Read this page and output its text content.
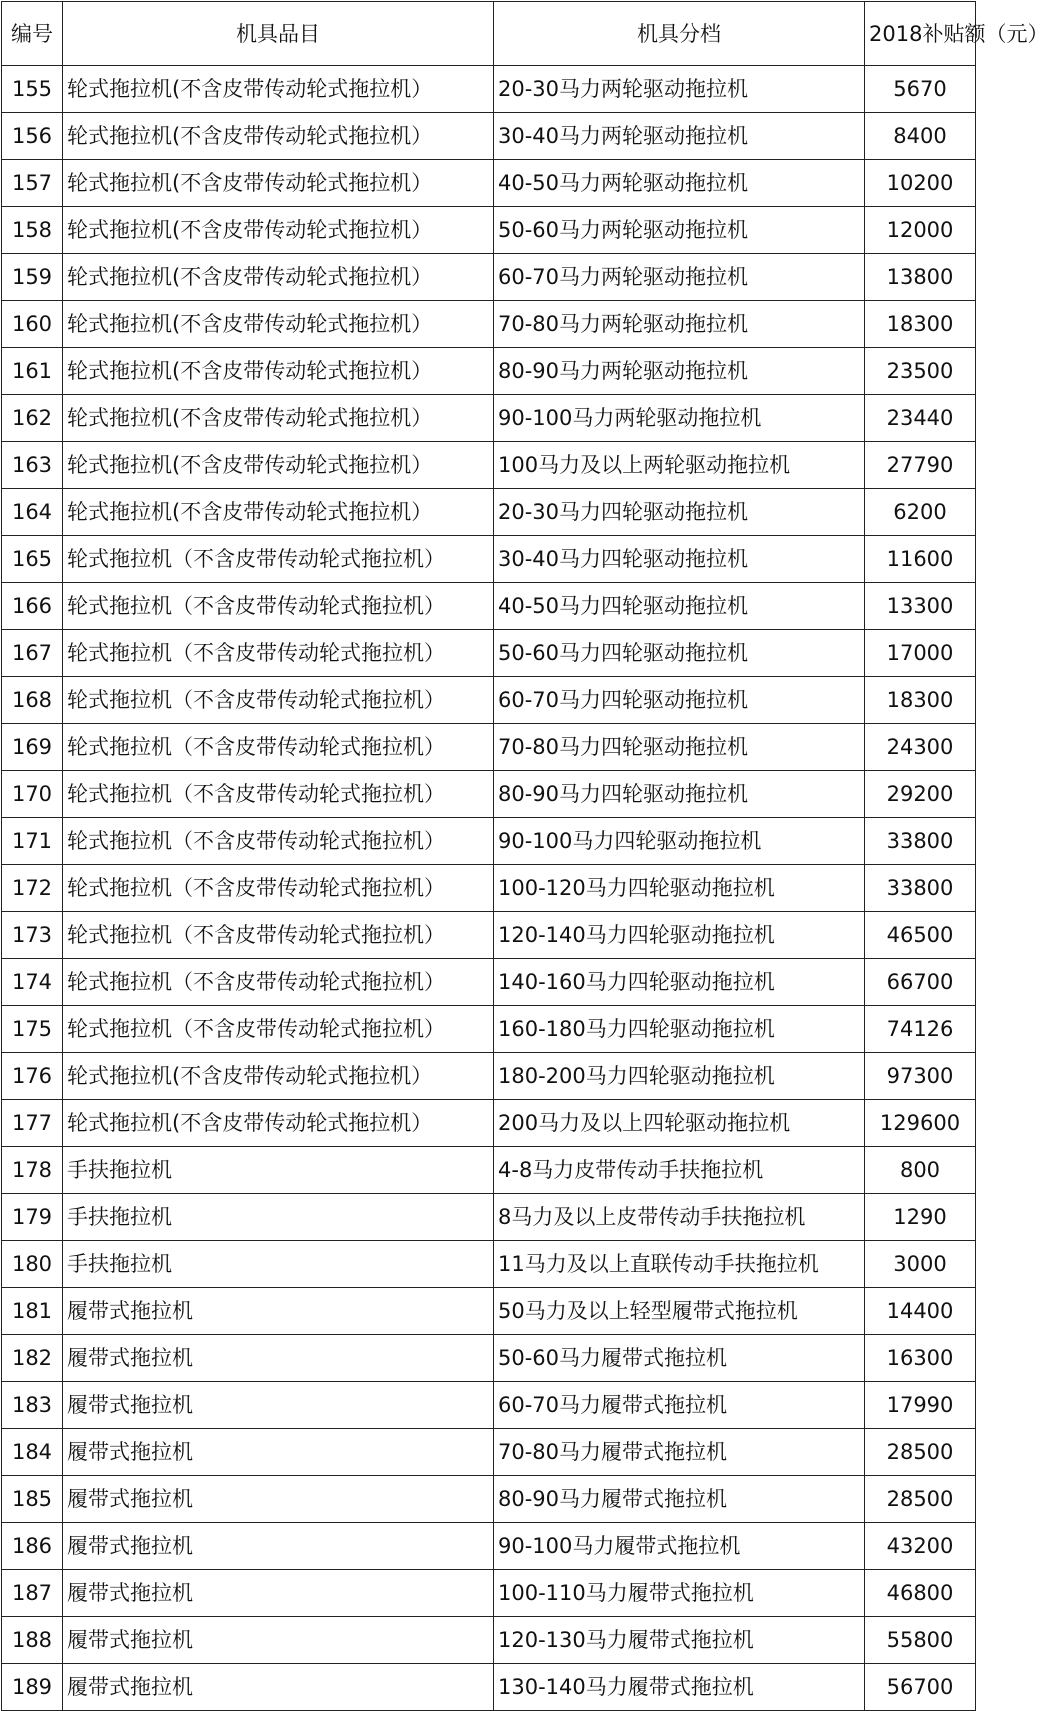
编号	机具品目	机具分档	2018补贴额（元）
155	轮式拖拉机(不含皮带传动轮式拖拉机）	20-30马力两轮驱动拖拉机	5670
156	轮式拖拉机(不含皮带传动轮式拖拉机）	30-40马力两轮驱动拖拉机	8400
157	轮式拖拉机(不含皮带传动轮式拖拉机）	40-50马力两轮驱动拖拉机	10200
158	轮式拖拉机(不含皮带传动轮式拖拉机）	50-60马力两轮驱动拖拉机	12000
159	轮式拖拉机(不含皮带传动轮式拖拉机）	60-70马力两轮驱动拖拉机	13800
160	轮式拖拉机(不含皮带传动轮式拖拉机）	70-80马力两轮驱动拖拉机	18300
161	轮式拖拉机(不含皮带传动轮式拖拉机）	80-90马力两轮驱动拖拉机	23500
162	轮式拖拉机(不含皮带传动轮式拖拉机）	90-100马力两轮驱动拖拉机	23440
163	轮式拖拉机(不含皮带传动轮式拖拉机）	100马力及以上两轮驱动拖拉机	27790
164	轮式拖拉机(不含皮带传动轮式拖拉机）	20-30马力四轮驱动拖拉机	6200
165	轮式拖拉机（不含皮带传动轮式拖拉机）	30-40马力四轮驱动拖拉机	11600
166	轮式拖拉机（不含皮带传动轮式拖拉机）	40-50马力四轮驱动拖拉机	13300
167	轮式拖拉机（不含皮带传动轮式拖拉机）	50-60马力四轮驱动拖拉机	17000
168	轮式拖拉机（不含皮带传动轮式拖拉机）	60-70马力四轮驱动拖拉机	18300
169	轮式拖拉机（不含皮带传动轮式拖拉机）	70-80马力四轮驱动拖拉机	24300
170	轮式拖拉机（不含皮带传动轮式拖拉机）	80-90马力四轮驱动拖拉机	29200
171	轮式拖拉机（不含皮带传动轮式拖拉机）	90-100马力四轮驱动拖拉机	33800
172	轮式拖拉机（不含皮带传动轮式拖拉机）	100-120马力四轮驱动拖拉机	33800
173	轮式拖拉机（不含皮带传动轮式拖拉机）	120-140马力四轮驱动拖拉机	46500
174	轮式拖拉机（不含皮带传动轮式拖拉机）	140-160马力四轮驱动拖拉机	66700
175	轮式拖拉机（不含皮带传动轮式拖拉机）	160-180马力四轮驱动拖拉机	74126
176	轮式拖拉机(不含皮带传动轮式拖拉机）	180-200马力四轮驱动拖拉机	97300
177	轮式拖拉机(不含皮带传动轮式拖拉机）	200马力及以上四轮驱动拖拉机	129600
178	手扶拖拉机	4-8马力皮带传动手扶拖拉机	800
179	手扶拖拉机	8马力及以上皮带传动手扶拖拉机	1290
180	手扶拖拉机	11马力及以上直联传动手扶拖拉机	3000
181	履带式拖拉机	50马力及以上轻型履带式拖拉机	14400
182	履带式拖拉机	50-60马力履带式拖拉机	16300
183	履带式拖拉机	60-70马力履带式拖拉机	17990
184	履带式拖拉机	70-80马力履带式拖拉机	28500
185	履带式拖拉机	80-90马力履带式拖拉机	28500
186	履带式拖拉机	90-100马力履带式拖拉机	43200
187	履带式拖拉机	100-110马力履带式拖拉机	46800
188	履带式拖拉机	120-130马力履带式拖拉机	55800
189	履带式拖拉机	130-140马力履带式拖拉机	56700
